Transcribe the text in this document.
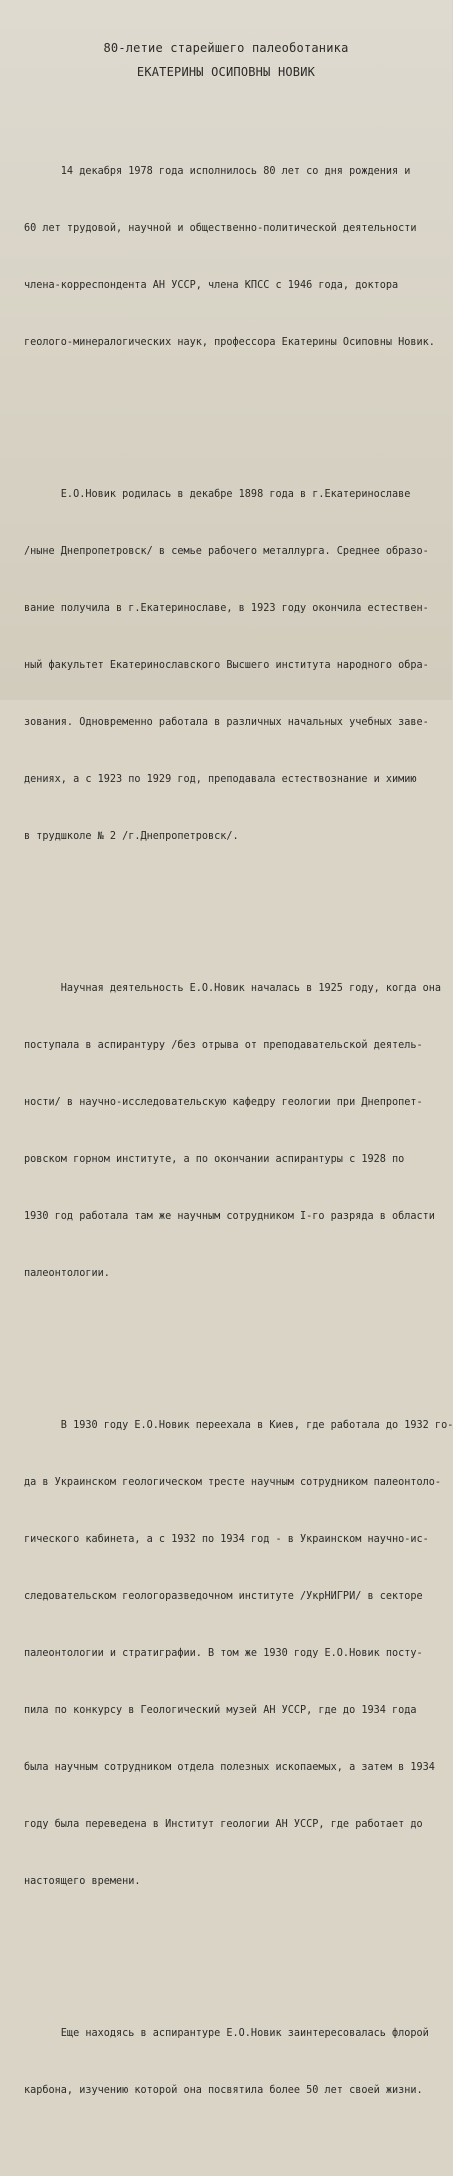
80-летие старейшего палеоботаника
ЕКАТЕРИНЫ ОСИПОВНЫ НОВИК

14 декабря 1978 года исполнилось 80 лет со дня рождения и

60 лет трудовой, научной и общественно-политической деятельности

члена-корреспондента АН УССР, члена КПСС с 1946 года, доктора

геолого-минералогических наук, профессора Екатерины Осиповны Новик.

Е.О.Новик родилась в декабре 1898 года в г.Екатеринославе

/ныне Днепропетровск/ в семье рабочего металлурга. Среднее образо-

вание получила в г.Екатеринославе, в 1923 году окончила естествен-

ный факультет Екатеринославского Высшего института народного обра-

зования. Одновременно работала в различных начальных учебных заве-

дениях, а с 1923 по 1929 год, преподавала естествознание и химию

в трудшколе № 2 /г.Днепропетровск/.

Научная деятельность Е.О.Новик началась в 1925 году, когда она

поступала в аспирантуру /без отрыва от преподавательской деятель-

ности/ в научно-исследовательскую кафедру геологии при Днепропет-

ровском горном институте, а по окончании аспирантуры с 1928 по

1930 год работала там же научным сотрудником I-го разряда в области

палеонтологии.

В 1930 году Е.О.Новик переехала в Киев, где работала до 1932 го-

да в Украинском геологическом тресте научным сотрудником палеонтоло-

гического кабинета, а с 1932 по 1934 год - в Украинском научно-ис-

следовательском геологоразведочном институте /УкрНИГРИ/ в секторе

палеонтологии и стратиграфии. В том же 1930 году Е.О.Новик посту-

пила по конкурсу в Геологический музей АН УССР, где до 1934 года

была научным сотрудником отдела полезных ископаемых, а затем в 1934

году была переведена в Институт геологии АН УССР, где работает до

настоящего времени.

Еще находясь в аспирантуре Е.О.Новик заинтересовалась флорой

карбона, изучению которой она посвятила более 50 лет своей жизни.
